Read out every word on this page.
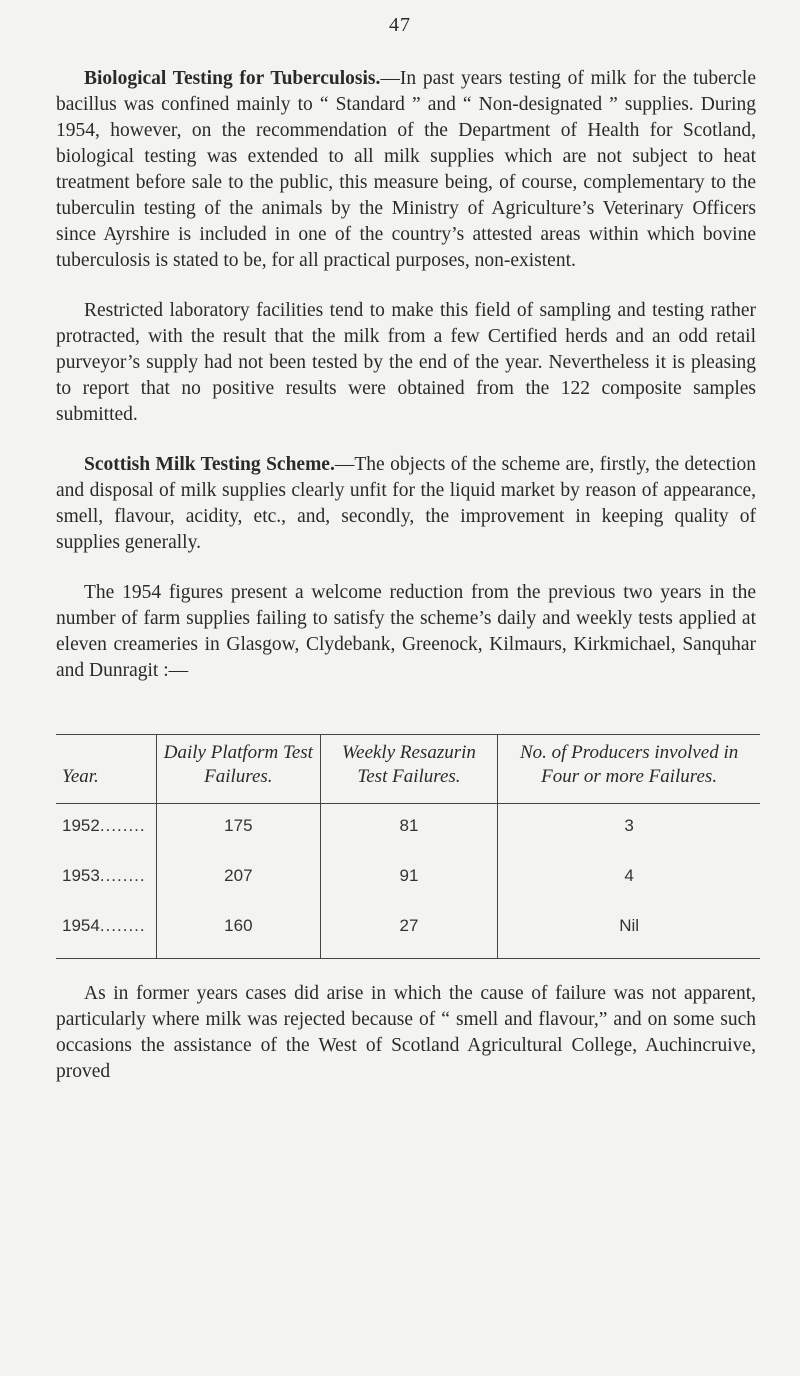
47

Biological Testing for Tuberculosis.—In past years testing of milk for the tubercle bacillus was confined mainly to “ Standard ” and “ Non-designated ” supplies. During 1954, however, on the recommendation of the Department of Health for Scotland, biological testing was extended to all milk supplies which are not subject to heat treatment before sale to the public, this measure being, of course, complementary to the tuberculin testing of the animals by the Ministry of Agriculture’s Veterinary Officers since Ayrshire is included in one of the country’s attested areas within which bovine tuberculosis is stated to be, for all practical purposes, non-existent.

Restricted laboratory facilities tend to make this field of sampling and testing rather protracted, with the result that the milk from a few Certified herds and an odd retail purveyor’s supply had not been tested by the end of the year. Nevertheless it is pleasing to report that no positive results were obtained from the 122 composite samples submitted.

Scottish Milk Testing Scheme.—The objects of the scheme are, firstly, the detection and disposal of milk supplies clearly unfit for the liquid market by reason of appearance, smell, flavour, acidity, etc., and, secondly, the improvement in keeping quality of supplies generally.

The 1954 figures present a welcome reduction from the previous two years in the number of farm supplies failing to satisfy the scheme’s daily and weekly tests applied at eleven creameries in Glasgow, Clydebank, Greenock, Kilmaurs, Kirkmichael, Sanquhar and Dunragit :—

Year.	Daily Platform Test Failures.	Weekly Resazurin Test Failures.	No. of Producers involved in Four or more Failures.
1952........	175	81	3
1953........	207	91	4
1954........	160	27	Nil

As in former years cases did arise in which the cause of failure was not apparent, particularly where milk was rejected because of “ smell and flavour,” and on some such occasions the assistance of the West of Scotland Agricultural College, Auchincruive, proved
